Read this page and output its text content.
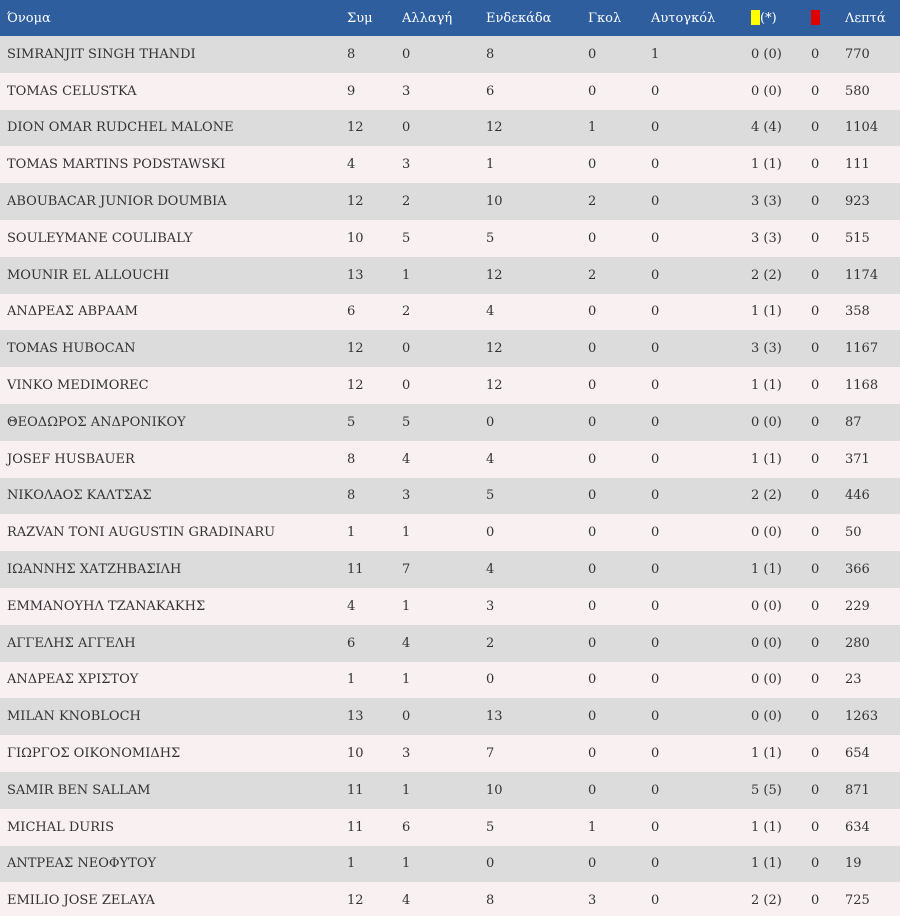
Όνομα	Συμ	Αλλαγή	Ενδεκάδα	Γκολ	Αυτογκόλ	(*)		Λεπτά
SIMRANJIT SINGH THANDI	8	0	8	0	1	0 (0)	0	770
TOMAS CELUSTKA	9	3	6	0	0	0 (0)	0	580
DION OMAR RUDCHEL MALONE	12	0	12	1	0	4 (4)	0	1104
TOMAS MARTINS PODSTAWSKI	4	3	1	0	0	1 (1)	0	111
ABOUBACAR JUNIOR DOUMBIA	12	2	10	2	0	3 (3)	0	923
SOULEYMANE COULIBALY	10	5	5	0	0	3 (3)	0	515
MOUNIR EL ALLOUCHI	13	1	12	2	0	2 (2)	0	1174
ΑΝΔΡΕΑΣ ΑΒΡΑΑΜ	6	2	4	0	0	1 (1)	0	358
TOMAS HUBOCAN	12	0	12	0	0	3 (3)	0	1167
VINKO MEDIMOREC	12	0	12	0	0	1 (1)	0	1168
ΘΕΟΔΩΡΟΣ ΑΝΔΡΟΝΙΚΟΥ	5	5	0	0	0	0 (0)	0	87
JOSEF HUSBAUER	8	4	4	0	0	1 (1)	0	371
ΝΙΚΟΛΑΟΣ ΚΑΛΤΣΑΣ	8	3	5	0	0	2 (2)	0	446
RAZVAN TONI AUGUSTIN GRADINARU	1	1	0	0	0	0 (0)	0	50
ΙΩΑΝΝΗΣ ΧΑΤΖΗΒΑΣΙΛΗ	11	7	4	0	0	1 (1)	0	366
ΕΜΜΑΝΟΥΗΛ ΤΖΑΝΑΚΑΚΗΣ	4	1	3	0	0	0 (0)	0	229
ΑΓΓΕΛΗΣ ΑΓΓΕΛΗ	6	4	2	0	0	0 (0)	0	280
ΑΝΔΡΕΑΣ ΧΡΙΣΤΟΥ	1	1	0	0	0	0 (0)	0	23
MILAN KNOBLOCH	13	0	13	0	0	0 (0)	0	1263
ΓΙΩΡΓΟΣ ΟΙΚΟΝΟΜΙΔΗΣ	10	3	7	0	0	1 (1)	0	654
SAMIR BEN SALLAM	11	1	10	0	0	5 (5)	0	871
MICHAL DURIS	11	6	5	1	0	1 (1)	0	634
ΑΝΤΡΕΑΣ ΝΕΟΦΥΤΟΥ	1	1	0	0	0	1 (1)	0	19
EMILIO JOSE ZELAYA	12	4	8	3	0	2 (2)	0	725
